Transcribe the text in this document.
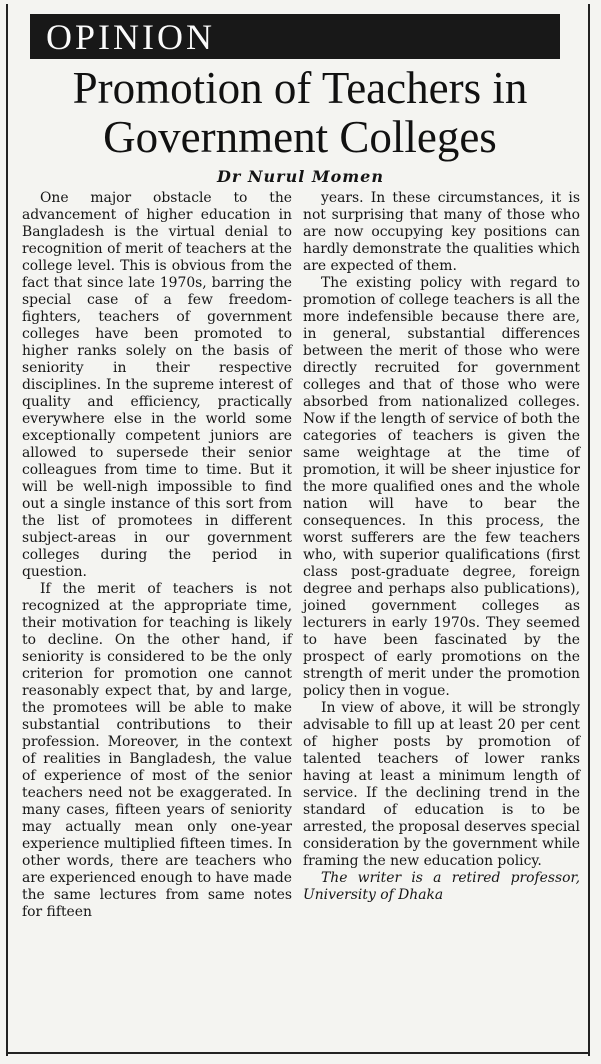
OPINION
Promotion of Teachers in Government Colleges
Dr Nurul Momen

One major obstacle to the advancement of higher education in Bangladesh is the virtual denial to recognition of merit of teachers at the college level. This is obvious from the fact that since late 1970s, barring the special case of a few freedom-fighters, teachers of government colleges have been promoted to higher ranks solely on the basis of seniority in their respective disciplines. In the supreme interest of quality and efficiency, practically everywhere else in the world some exceptionally competent juniors are allowed to supersede their senior colleagues from time to time. But it will be well-nigh impossible to find out a single instance of this sort from the list of promotees in different subject-areas in our government colleges during the period in question.

If the merit of teachers is not recognized at the appropriate time, their motivation for teaching is likely to decline. On the other hand, if seniority is considered to be the only criterion for promotion one cannot reasonably expect that, by and large, the promotees will be able to make substantial contributions to their profession. Moreover, in the context of realities in Bangladesh, the value of experience of most of the senior teachers need not be exaggerated. In many cases, fifteen years of seniority may actually mean only one-year experience multiplied fifteen times. In other words, there are teachers who are experienced enough to have made the same lectures from same notes for fifteen

years. In these circumstances, it is not surprising that many of those who are now occupying key positions can hardly demonstrate the qualities which are expected of them.

The existing policy with regard to promotion of college teachers is all the more indefensible because there are, in general, substantial differences between the merit of those who were directly recruited for government colleges and that of those who were absorbed from nationalized colleges. Now if the length of service of both the categories of teachers is given the same weightage at the time of promotion, it will be sheer injustice for the more qualified ones and the whole nation will have to bear the consequences. In this process, the worst sufferers are the few teachers who, with superior qualifications (first class post-graduate degree, foreign degree and perhaps also publications), joined government colleges as lecturers in early 1970s. They seemed to have been fascinated by the prospect of early promotions on the strength of merit under the promotion policy then in vogue.

In view of above, it will be strongly advisable to fill up at least 20 per cent of higher posts by promotion of talented teachers of lower ranks having at least a minimum length of service. If the declining trend in the standard of education is to be arrested, the proposal deserves special consideration by the government while framing the new education policy.

The writer is a retired professor, University of Dhaka
